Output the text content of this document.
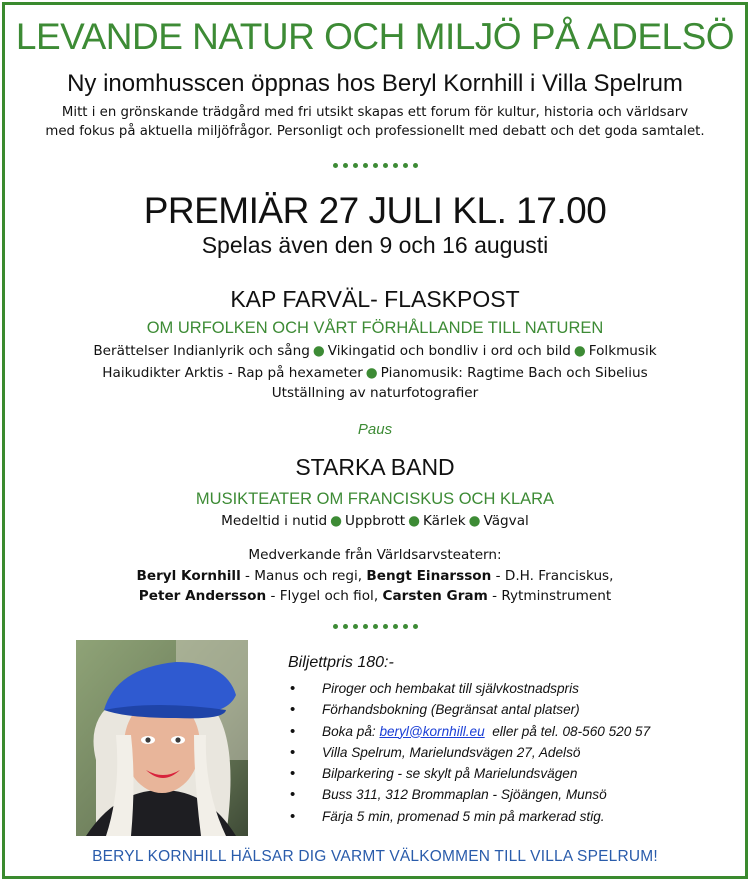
LEVANDE NATUR OCH MILJÖ PÅ ADELSÖ
Ny inomhusscen öppnas hos Beryl Kornhill i Villa Spelrum
Mitt i en grönskande trädgård med fri utsikt skapas ett forum för kultur, historia och världsarv
med fokus på aktuella miljöfrågor. Personligt och professionellt med debatt och det goda samtalet.
PREMIÄR 27 JULI KL. 17.00
Spelas även den 9 och 16 augusti
KAP FARVÄL- FLASKPOST
OM URFOLKEN OCH VÅRT FÖRHÅLLANDE TILL NATUREN
Berättelser Indianlyrik och sång ● Vikingatid och bondliv i ord och bild ● Folkmusik
Haikudikter Arktis - Rap på hexameter ● Pianomusik: Ragtime Bach och Sibelius
Utställning av naturfotografier
Paus
STARKA BAND
MUSIKTEATER OM FRANCISKUS OCH KLARA
Medeltid i nutid ● Uppbrott ● Kärlek ● Vägval
Medverkande från Världsarvsteatern:
Beryl Kornhill - Manus och regi, Bengt Einarsson - D.H. Franciskus,
Peter Andersson - Flygel och fiol, Carsten Gram - Rytminstrument
Biljettpris 180:-
• Piroger och hembakat till självkostnadspris
• Förhandsbokning (Begränsat antal platser)
• Boka på: beryl@kornhill.eu  eller på tel. 08-560 520 57
• Villa Spelrum, Marielundsvägen 27, Adelsö
• Bilparkering - se skylt på Marielundsvägen
• Buss 311, 312 Brommaplan - Sjöängen, Munsö
• Färja 5 min, promenad 5 min på markerad stig.
BERYL KORNHILL HÄLSAR DIG VARMT VÄLKOMMEN TILL VILLA SPELRUM!
